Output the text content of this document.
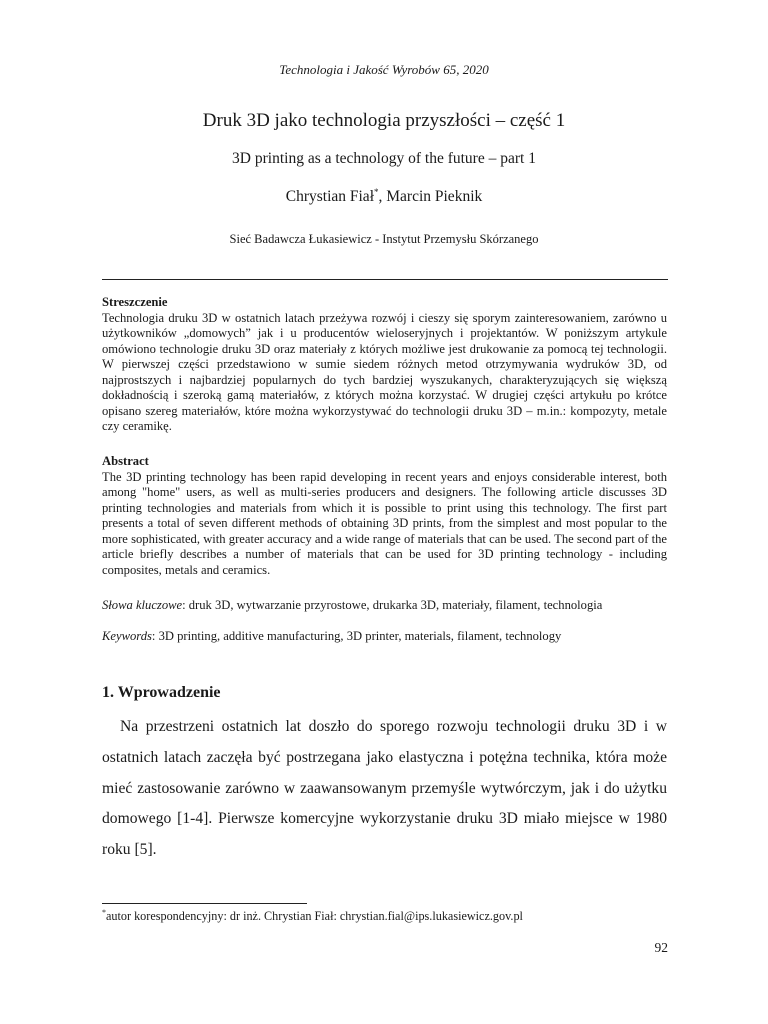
Technologia i Jakość Wyrobów 65, 2020
Druk 3D jako technologia przyszłości – część 1
3D printing as a technology of the future – part 1
Chrystian Fiał*, Marcin Pieknik
Sieć Badawcza Łukasiewicz - Instytut Przemysłu Skórzanego
Streszczenie
Technologia druku 3D w ostatnich latach przeżywa rozwój i cieszy się sporym zainteresowaniem, zarówno u użytkowników „domowych” jak i u producentów wieloseryjnych i projektantów. W poniższym artykule omówiono technologie druku 3D oraz materiały z których możliwe jest drukowanie za pomocą tej technologii. W pierwszej części przedstawiono w sumie siedem różnych metod otrzymywania wydruków 3D, od najprostszych i najbardziej popularnych do tych bardziej wyszukanych, charakteryzujących się większą dokładnością i szeroką gamą materiałów, z których można korzystać. W drugiej części artykułu po krótce opisano szereg materiałów, które można wykorzystywać do technologii druku 3D – m.in.: kompozyty, metale czy ceramikę.
Abstract
The 3D printing technology has been rapid developing in recent years and enjoys considerable interest, both among "home" users, as well as multi-series producers and designers. The following article discusses 3D printing technologies and materials from which it is possible to print using this technology. The first part presents a total of seven different methods of obtaining 3D prints, from the simplest and most popular to the more sophisticated, with greater accuracy and a wide range of materials that can be used. The second part of the article briefly describes a number of materials that can be used for 3D printing technology - including composites, metals and ceramics.
Słowa kluczowe: druk 3D, wytwarzanie przyrostowe, drukarka 3D, materiały, filament, technologia
Keywords: 3D printing, additive manufacturing, 3D printer, materials, filament, technology
1. Wprowadzenie
Na przestrzeni ostatnich lat doszło do sporego rozwoju technologii druku 3D i w ostatnich latach zaczęła być postrzegana jako elastyczna i potężna technika, która może mieć zastosowanie zarówno w zaawansowanym przemyśle wytwórczym, jak i do użytku domowego [1-4]. Pierwsze komercyjne wykorzystanie druku 3D miało miejsce w 1980 roku [5].
*autor korespondencyjny: dr inż. Chrystian Fiał: chrystian.fial@ips.lukasiewicz.gov.pl
92
